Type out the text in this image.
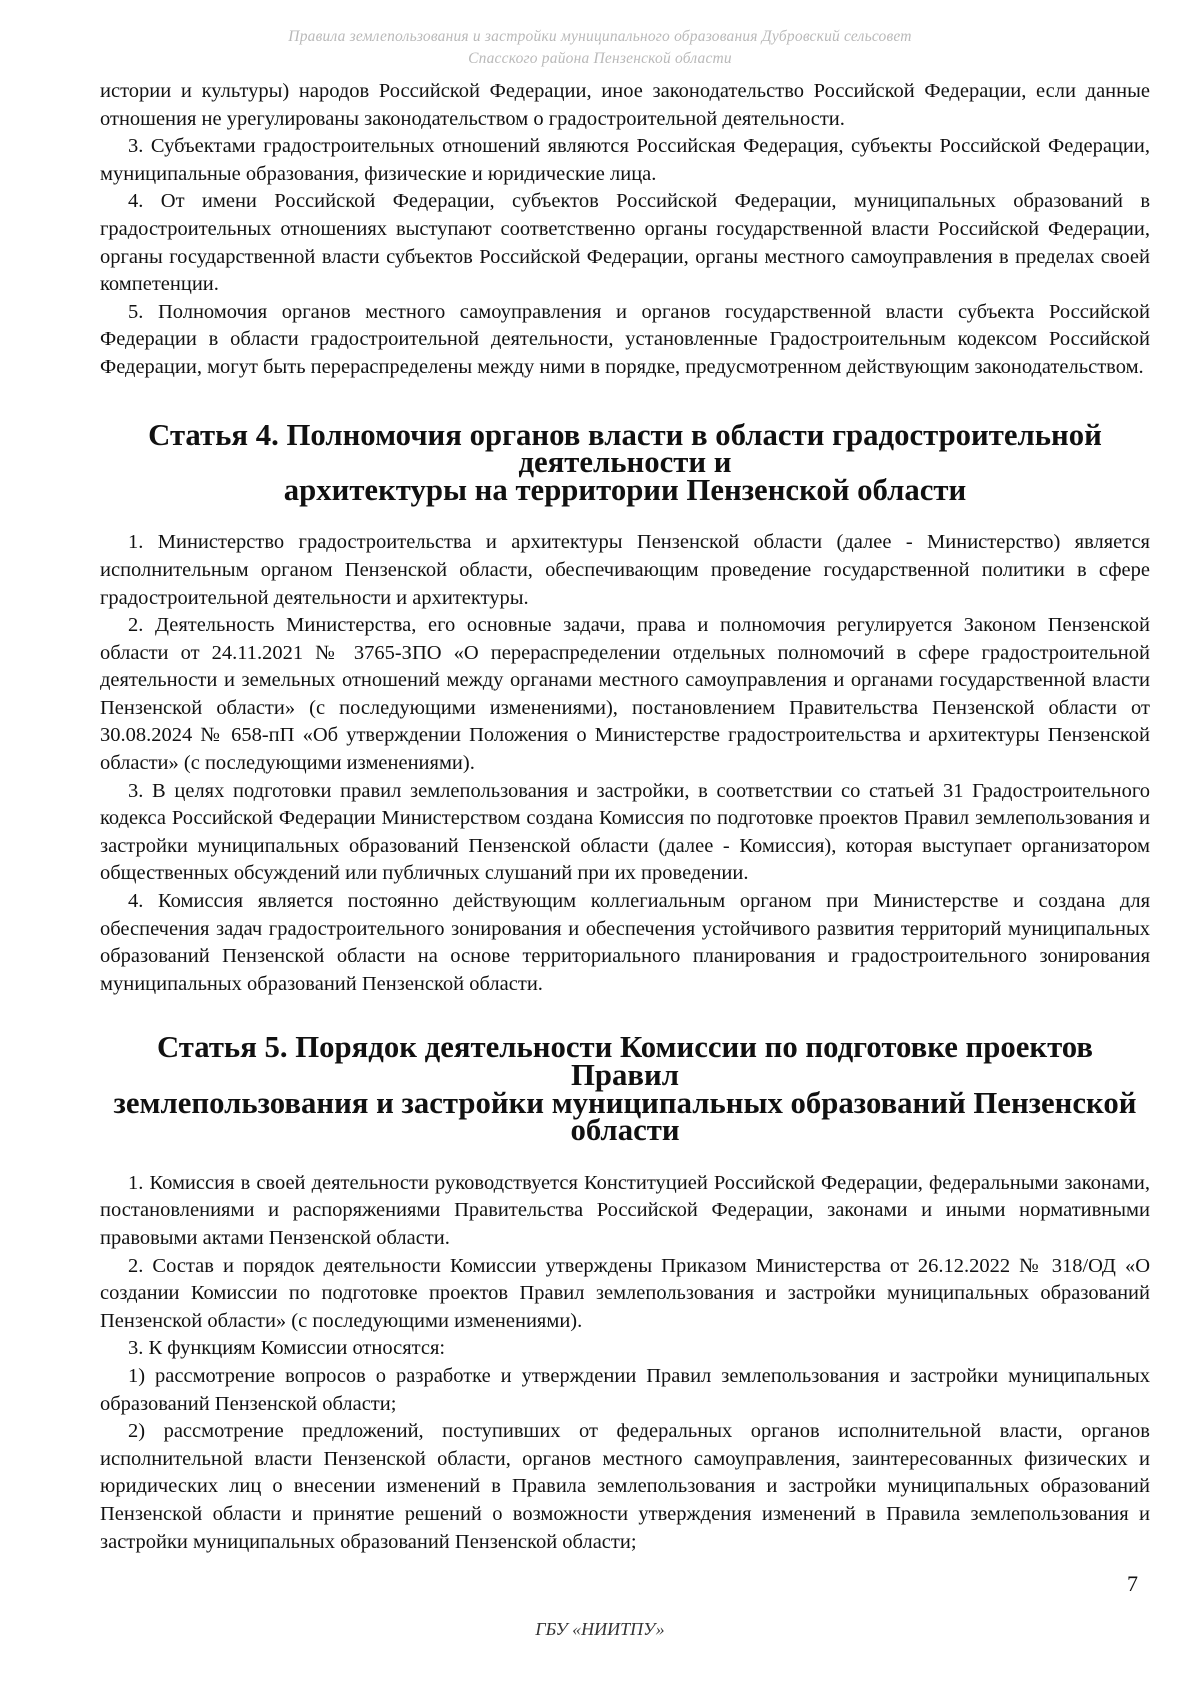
Правила землепользования и застройки муниципального образования Дубровский сельсовет
Спасского района Пензенской области

истории и культуры) народов Российской Федерации, иное законодательство Российской Федерации, если данные отношения не урегулированы законодательством о градостроительной деятельности.

3. Субъектами градостроительных отношений являются Российская Федерация, субъекты Российской Федерации, муниципальные образования, физические и юридические лица.

4. От имени Российской Федерации, субъектов Российской Федерации, муниципальных образований в градостроительных отношениях выступают соответственно органы государственной власти Российской Федерации, органы государственной власти субъектов Российской Федерации, органы местного самоуправления в пределах своей компетенции.

5. Полномочия органов местного самоуправления и органов государственной власти субъекта Российской Федерации в области градостроительной деятельности, установленные Градостроительным кодексом Российской Федерации, могут быть перераспределены между ними в порядке, предусмотренном действующим законодательством.

Статья 4. Полномочия органов власти в области градостроительной деятельности и
архитектуры на территории Пензенской области

1. Министерство градостроительства и архитектуры Пензенской области (далее - Министерство) является исполнительным органом Пензенской области, обеспечивающим проведение государственной политики в сфере градостроительной деятельности и архитектуры.

2. Деятельность Министерства, его основные задачи, права и полномочия регулируется Законом Пензенской области от 24.11.2021 № 3765-ЗПО «О перераспределении отдельных полномочий в сфере градостроительной деятельности и земельных отношений между органами местного самоуправления и органами государственной власти Пензенской области» (с последующими изменениями), постановлением Правительства Пензенской области от 30.08.2024 № 658-пП «Об утверждении Положения о Министерстве градостроительства и архитектуры Пензенской области» (с последующими изменениями).

3. В целях подготовки правил землепользования и застройки, в соответствии со статьей 31 Градостроительного кодекса Российской Федерации Министерством создана Комиссия по подготовке проектов Правил землепользования и застройки муниципальных образований Пензенской области (далее - Комиссия), которая выступает организатором общественных обсуждений или публичных слушаний при их проведении.

4. Комиссия является постоянно действующим коллегиальным органом при Министерстве и создана для обеспечения задач градостроительного зонирования и обеспечения устойчивого развития территорий муниципальных образований Пензенской области на основе территориального планирования и градостроительного зонирования муниципальных образований Пензенской области.

Статья 5. Порядок деятельности Комиссии по подготовке проектов Правил
землепользования и застройки муниципальных образований Пензенской области

1. Комиссия в своей деятельности руководствуется Конституцией Российской Федерации, федеральными законами, постановлениями и распоряжениями Правительства Российской Федерации, законами и иными нормативными правовыми актами Пензенской области.

2. Состав и порядок деятельности Комиссии утверждены Приказом Министерства от 26.12.2022 № 318/ОД «О создании Комиссии по подготовке проектов Правил землепользования и застройки муниципальных образований Пензенской области» (с последующими изменениями).

3. К функциям Комиссии относятся:

1) рассмотрение вопросов о разработке и утверждении Правил землепользования и застройки муниципальных образований Пензенской области;

2) рассмотрение предложений, поступивших от федеральных органов исполнительной власти, органов исполнительной власти Пензенской области, органов местного самоуправления, заинтересованных физических и юридических лиц о внесении изменений в Правила землепользования и застройки муниципальных образований Пензенской области и принятие решений о возможности утверждения изменений в Правила землепользования и застройки муниципальных образований Пензенской области;

7
ГБУ «НИИТПУ»
